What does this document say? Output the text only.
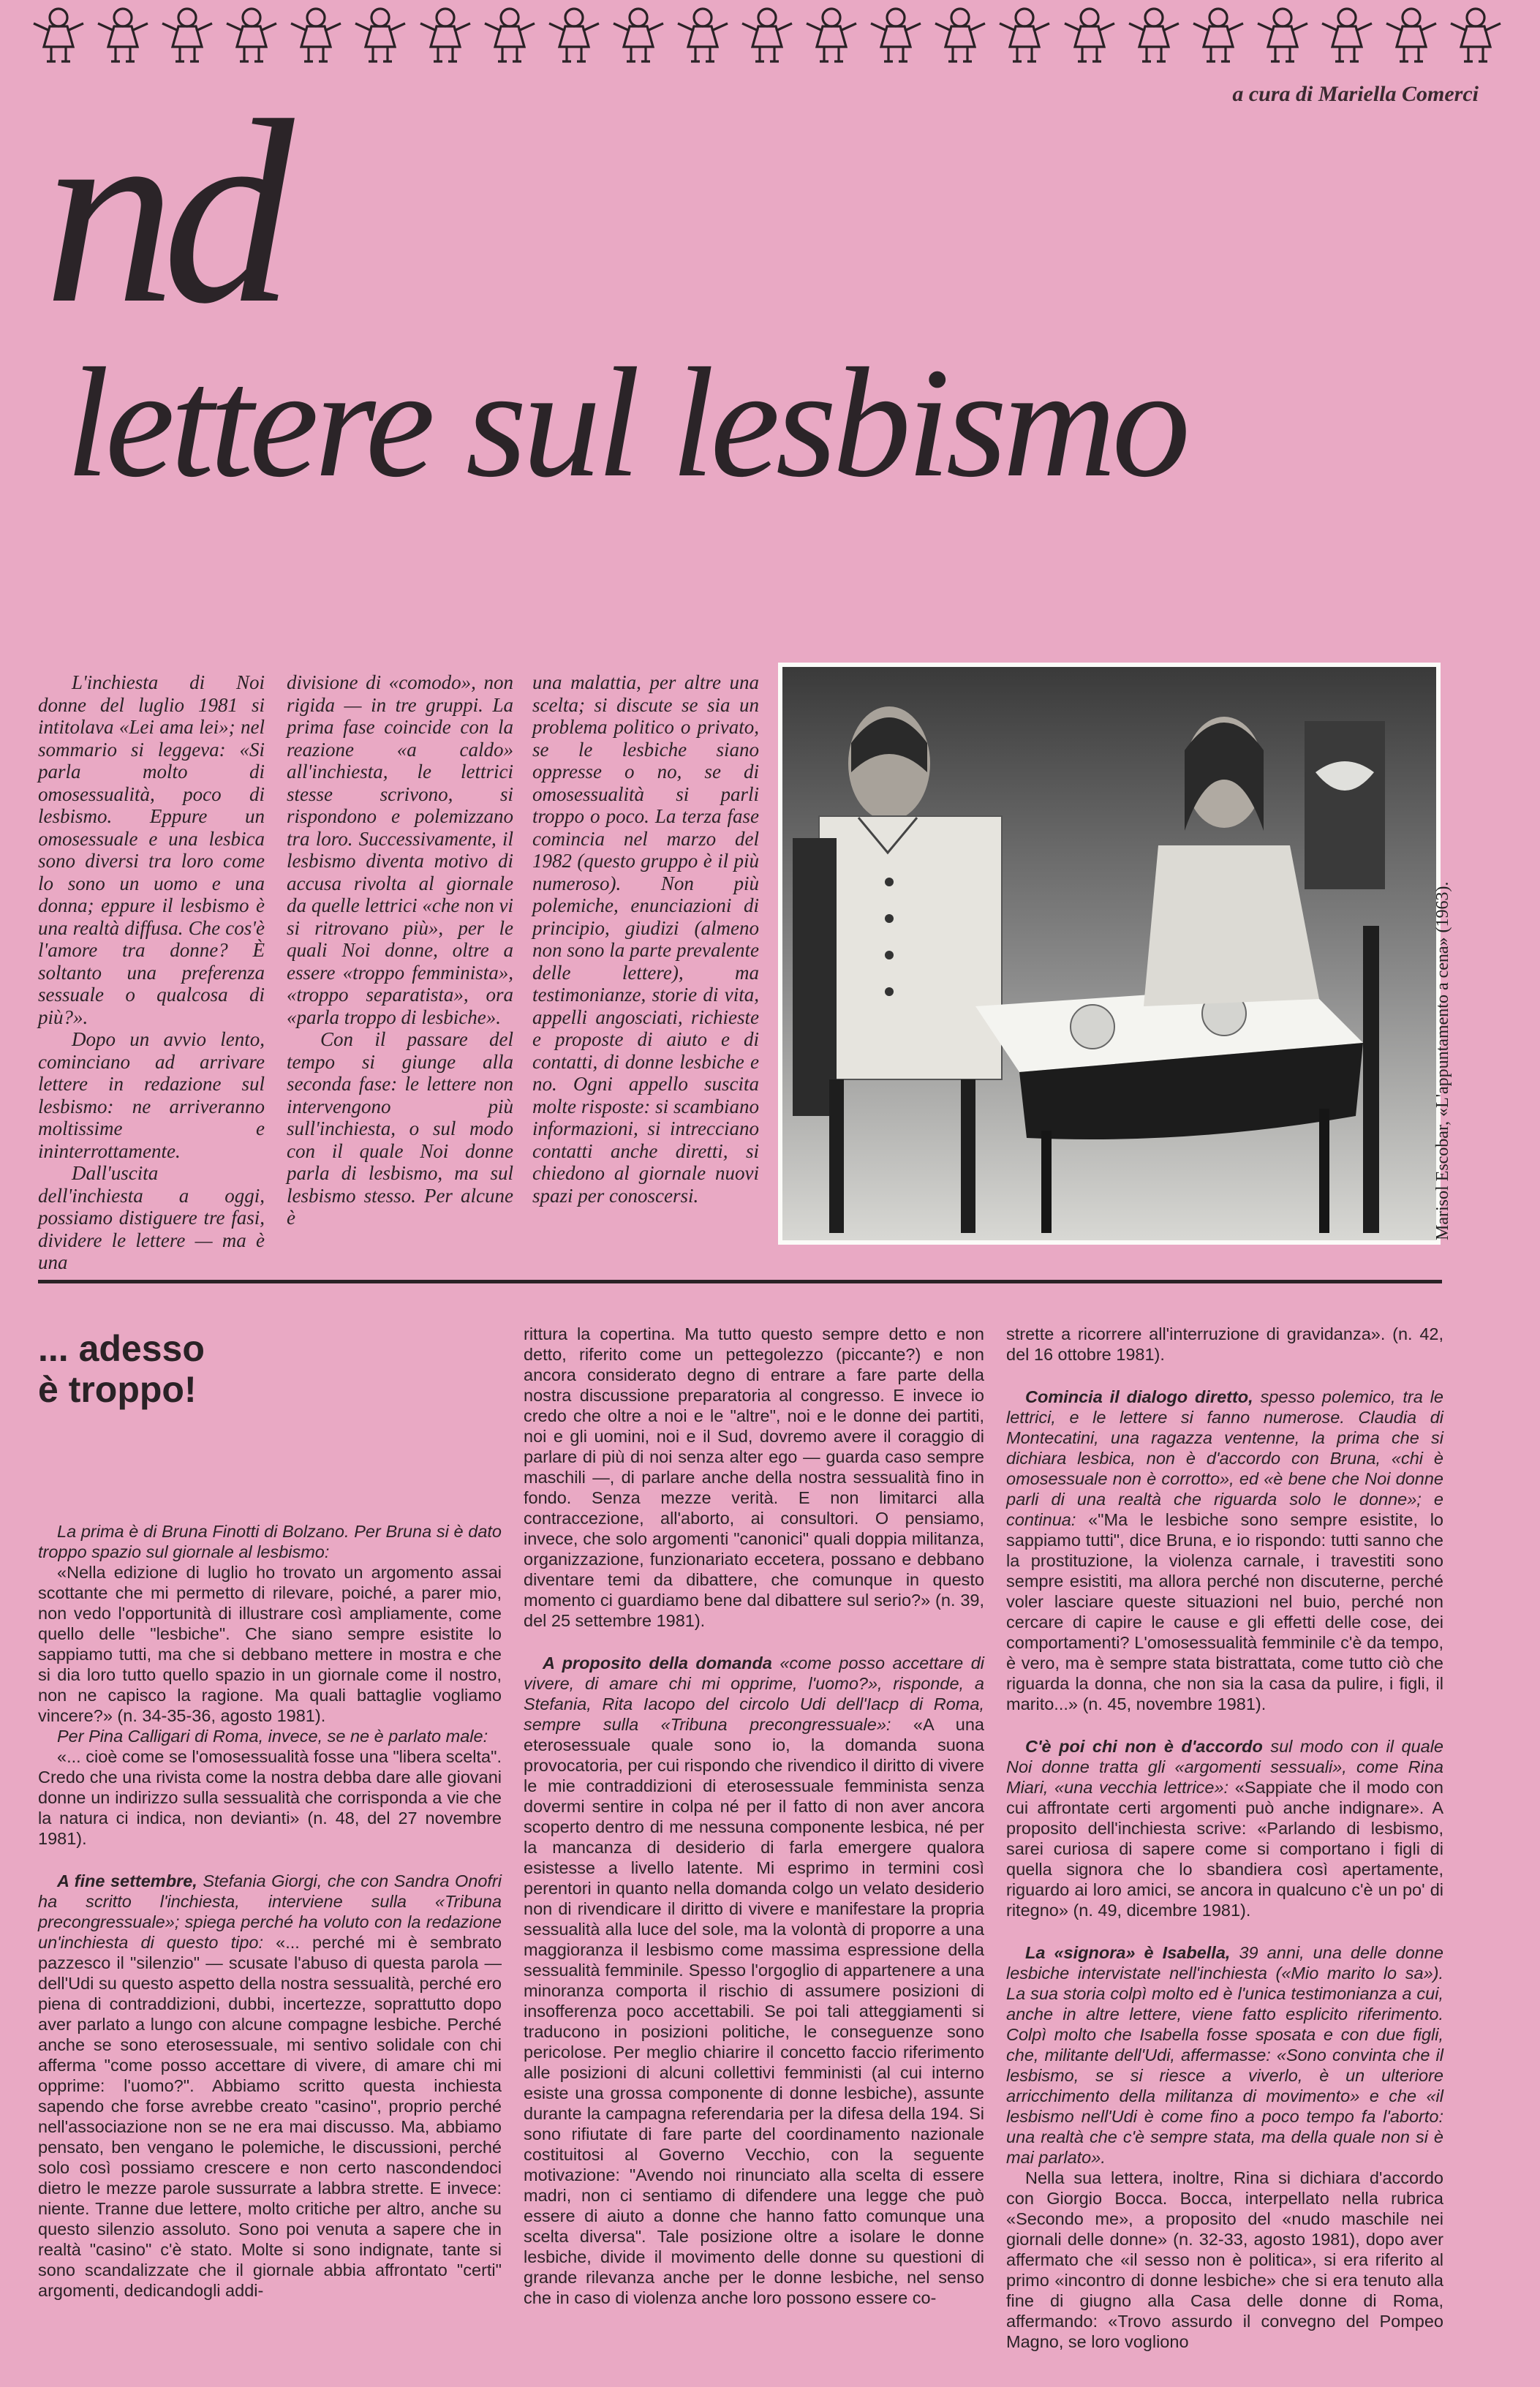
a cura di Mariella Comerci
nd
lettere sul lesbismo

L'inchiesta di Noi donne del luglio 1981 si intitolava «Lei ama lei»; nel sommario si leggeva: «Si parla molto di omosessualità, poco di lesbismo. Eppure un omosessuale e una lesbica sono diversi tra loro come lo sono un uomo e una donna; eppure il lesbismo è una realtà diffusa. Che cos'è l'amore tra donne? È soltanto una preferenza sessuale o qualcosa di più?».

Dopo un avvio lento, cominciano ad arrivare lettere in redazione sul lesbismo: ne arriveranno moltissime e ininterrottamente.

Dall'uscita dell'inchiesta a oggi, possiamo distiguere tre fasi, dividere le lettere — ma è una

divisione di «comodo», non rigida — in tre gruppi. La prima fase coincide con la reazione «a caldo» all'inchiesta, le lettrici stesse scrivono, si rispondono e polemizzano tra loro. Successivamente, il lesbismo diventa motivo di accusa rivolta al giornale da quelle lettrici «che non vi si ritrovano più», per le quali Noi donne, oltre a essere «troppo femminista», «troppo separatista», ora «parla troppo di lesbiche».

Con il passare del tempo si giunge alla seconda fase: le lettere non intervengono più sull'inchiesta, o sul modo con il quale Noi donne parla di lesbismo, ma sul lesbismo stesso. Per alcune è

una malattia, per altre una scelta; si discute se sia un problema politico o privato, se le lesbiche siano oppresse o no, se di omosessualità si parli troppo o poco. La terza fase comincia nel marzo del 1982 (questo gruppo è il più numeroso). Non più polemiche, enunciazioni di principio, giudizi (almeno non sono la parte prevalente delle lettere), ma testimonianze, storie di vita, appelli angosciati, richieste e proposte di aiuto e di contatti, di donne lesbiche e no. Ogni appello suscita molte risposte: si scambiano informazioni, si intrecciano contatti anche diretti, si chiedono al giornale nuovi spazi per conoscersi.	Marisol Escobar, «L'appuntamento a cena» (1963).
... adesso
è troppo!

La prima è di Bruna Finotti di Bolzano. Per Bruna si è dato troppo spazio sul giornale al lesbismo:

«Nella edizione di luglio ho trovato un argomento assai scottante che mi permetto di rilevare, poiché, a parer mio, non vedo l'opportunità di illustrare così ampliamente, come quello delle "lesbiche". Che siano sempre esistite lo sappiamo tutti, ma che si debbano mettere in mostra e che si dia loro tutto quello spazio in un giornale come il nostro, non ne capisco la ragione. Ma quali battaglie vogliamo vincere?» (n. 34-35-36, agosto 1981).

Per Pina Calligari di Roma, invece, se ne è parlato male:

«... cioè come se l'omosessualità fosse una "libera scelta". Credo che una rivista come la nostra debba dare alle giovani donne un indirizzo sulla sessualità che corrisponda a vie che la natura ci indica, non devianti» (n. 48, del 27 novembre 1981).

A fine settembre, Stefania Giorgi, che con Sandra Onofri ha scritto l'inchiesta, interviene sulla «Tribuna precongressuale»; spiega perché ha voluto con la redazione un'inchiesta di questo tipo: «... perché mi è sembrato pazzesco il "silenzio" — scusate l'abuso di questa parola — dell'Udi su questo aspetto della nostra sessualità, perché ero piena di contraddizioni, dubbi, incertezze, soprattutto dopo aver parlato a lungo con alcune compagne lesbiche. Perché anche se sono eterosessuale, mi sentivo solidale con chi afferma "come posso accettare di vivere, di amare chi mi opprime: l'uomo?". Abbiamo scritto questa inchiesta sapendo che forse avrebbe creato "casino", proprio perché nell'associazione non se ne era mai discusso. Ma, abbiamo pensato, ben vengano le polemiche, le discussioni, perché solo così possiamo crescere e non certo nascondendoci dietro le mezze parole sussurrate a labbra strette. E invece: niente. Tranne due lettere, molto critiche per altro, anche su questo silenzio assoluto. Sono poi venuta a sapere che in realtà "casino" c'è stato. Molte si sono indignate, tante si sono scandalizzate che il giornale abbia affrontato "certi" argomenti, dedicandogli addi-

rittura la copertina. Ma tutto questo sempre detto e non detto, riferito come un pettegolezzo (piccante?) e non ancora considerato degno di entrare a fare parte della nostra discussione preparatoria al congresso. E invece io credo che oltre a noi e le "altre", noi e le donne dei partiti, noi e gli uomini, noi e il Sud, dovremo avere il coraggio di parlare di più di noi senza alter ego — guarda caso sempre maschili —, di parlare anche della nostra sessualità fino in fondo. Senza mezze verità. E non limitarci alla contraccezione, all'aborto, ai consultori. O pensiamo, invece, che solo argomenti "canonici" quali doppia militanza, organizzazione, funzionariato eccetera, possano e debbano diventare temi da dibattere, che comunque in questo momento ci guardiamo bene dal dibattere sul serio?» (n. 39, del 25 settembre 1981).

A proposito della domanda «come posso accettare di vivere, di amare chi mi opprime, l'uomo?», risponde, a Stefania, Rita Iacopo del circolo Udi dell'Iacp di Roma, sempre sulla «Tribuna precongressuale»: «A una eterosessuale quale sono io, la domanda suona provocatoria, per cui rispondo che rivendico il diritto di vivere le mie contraddizioni di eterosessuale femminista senza dovermi sentire in colpa né per il fatto di non aver ancora scoperto dentro di me nessuna componente lesbica, né per la mancanza di desiderio di farla emergere qualora esistesse a livello latente. Mi esprimo in termini così perentori in quanto nella domanda colgo un velato desiderio non di rivendicare il diritto di vivere e manifestare la propria sessualità alla luce del sole, ma la volontà di proporre a una maggioranza il lesbismo come massima espressione della sessualità femminile. Spesso l'orgoglio di appartenere a una minoranza comporta il rischio di assumere posizioni di insofferenza poco accettabili. Se poi tali atteggiamenti si traducono in posizioni politiche, le conseguenze sono pericolose. Per meglio chiarire il concetto faccio riferimento alle posizioni di alcuni collettivi femministi (al cui interno esiste una grossa componente di donne lesbiche), assunte durante la campagna referendaria per la difesa della 194. Si sono rifiutate di fare parte del coordinamento nazionale costituitosi al Governo Vecchio, con la seguente motivazione: "Avendo noi rinunciato alla scelta di essere madri, non ci sentiamo di difendere una legge che può essere di aiuto a donne che hanno fatto comunque una scelta diversa". Tale posizione oltre a isolare le donne lesbiche, divide il movimento delle donne su questioni di grande rilevanza anche per le donne lesbiche, nel senso che in caso di violenza anche loro possono essere co-

strette a ricorrere all'interruzione di gravidanza». (n. 42, del 16 ottobre 1981).

Comincia il dialogo diretto, spesso polemico, tra le lettrici, e le lettere si fanno numerose. Claudia di Montecatini, una ragazza ventenne, la prima che si dichiara lesbica, non è d'accordo con Bruna, «chi è omosessuale non è corrotto», ed «è bene che Noi donne parli di una realtà che riguarda solo le donne»; e continua: «"Ma le lesbiche sono sempre esistite, lo sappiamo tutti", dice Bruna, e io rispondo: tutti sanno che la prostituzione, la violenza carnale, i travestiti sono sempre esistiti, ma allora perché non discuterne, perché voler lasciare queste situazioni nel buio, perché non cercare di capire le cause e gli effetti delle cose, dei comportamenti? L'omosessualità femminile c'è da tempo, è vero, ma è sempre stata bistrattata, come tutto ciò che riguarda la donna, che non sia la casa da pulire, i figli, il marito...» (n. 45, novembre 1981).

C'è poi chi non è d'accordo sul modo con il quale Noi donne tratta gli «argomenti sessuali», come Rina Miari, «una vecchia lettrice»: «Sappiate che il modo con cui affrontate certi argomenti può anche indignare». A proposito dell'inchiesta scrive: «Parlando di lesbismo, sarei curiosa di sapere come si comportano i figli di quella signora che lo sbandiera così apertamente, riguardo ai loro amici, se ancora in qualcuno c'è un po' di ritegno» (n. 49, dicembre 1981).

La «signora» è Isabella, 39 anni, una delle donne lesbiche intervistate nell'inchiesta («Mio marito lo sa»). La sua storia colpì molto ed è l'unica testimonianza a cui, anche in altre lettere, viene fatto esplicito riferimento. Colpì molto che Isabella fosse sposata e con due figli, che, militante dell'Udi, affermasse: «Sono convinta che il lesbismo, se si riesce a viverlo, è un ulteriore arricchimento della militanza di movimento» e che «il lesbismo nell'Udi è come fino a poco tempo fa l'aborto: una realtà che c'è sempre stata, ma della quale non si è mai parlato».

Nella sua lettera, inoltre, Rina si dichiara d'accordo con Giorgio Bocca. Bocca, interpellato nella rubrica «Secondo me», a proposito del «nudo maschile nei giornali delle donne» (n. 32-33, agosto 1981), dopo aver affermato che «il sesso non è politica», si era riferito al primo «incontro di donne lesbiche» che si era tenuto alla fine di giugno alla Casa delle donne di Roma, affermando: «Trovo assurdo il convegno del Pompeo Magno, se loro vogliono
